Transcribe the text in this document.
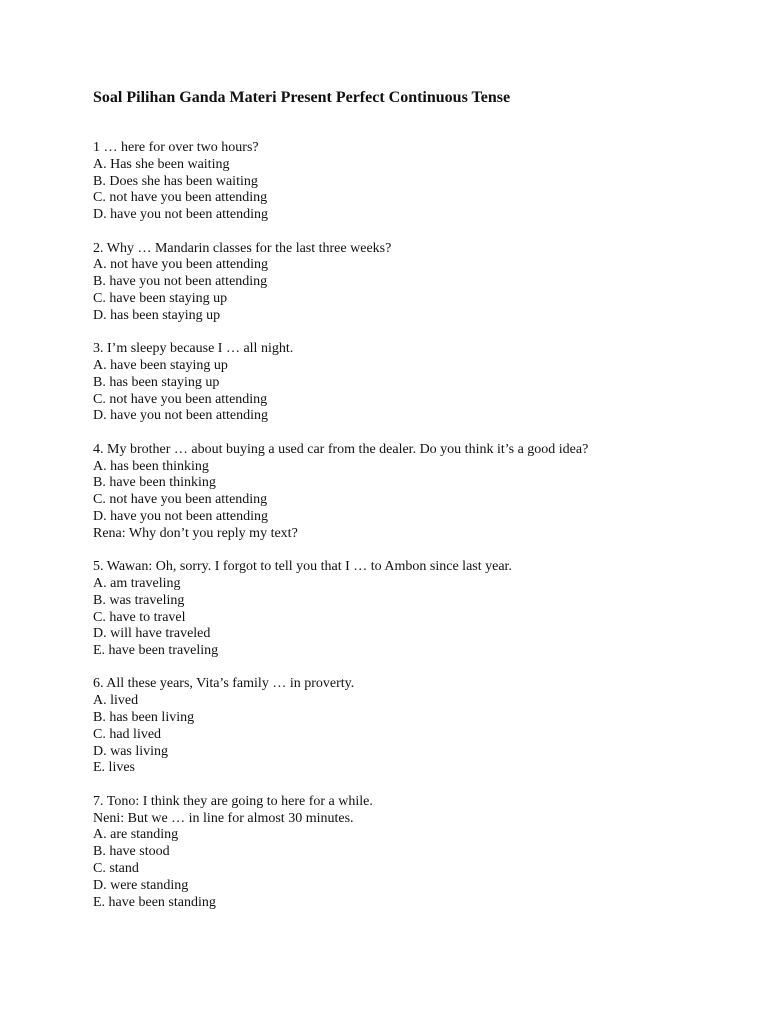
Soal Pilihan Ganda Materi Present Perfect Continuous Tense
1 … here for over two hours?
A. Has she been waiting
B. Does she has been waiting
C. not have you been attending
D. have you not been attending
2. Why … Mandarin classes for the last three weeks?
A. not have you been attending
B. have you not been attending
C. have been staying up
D. has been staying up
3. I’m sleepy because I … all night.
A. have been staying up
B. has been staying up
C. not have you been attending
D. have you not been attending
4. My brother … about buying a used car from the dealer. Do you think it’s a good idea?
A. has been thinking
B. have been thinking
C. not have you been attending
D. have you not been attending
Rena: Why don’t you reply my text?
5. Wawan: Oh, sorry. I forgot to tell you that I … to Ambon since last year.
A. am traveling
B. was traveling
C. have to travel
D. will have traveled
E. have been traveling
6. All these years, Vita’s family … in proverty.
A. lived
B. has been living
C. had lived
D. was living
E. lives
7. Tono: I think they are going to here for a while.
Neni: But we … in line for almost 30 minutes.
A. are standing
B. have stood
C. stand
D. were standing
E. have been standing
